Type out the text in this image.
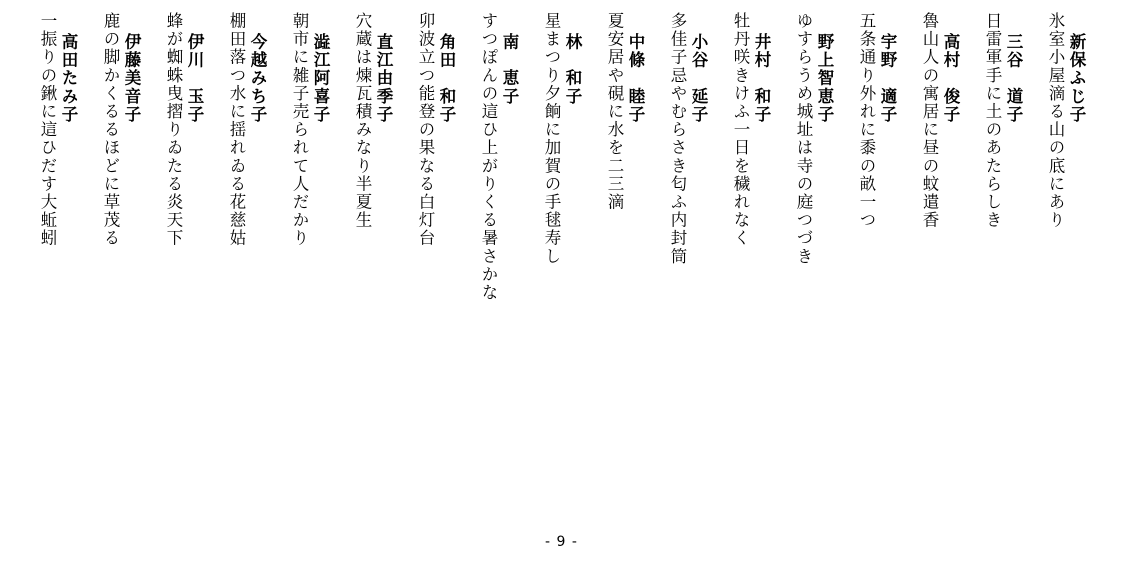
新保ふじ子
氷室小屋滴る山の底にあり
三谷　道子
日雷軍手に土のあたらしき
高村　俊子
魯山人の寓居に昼の蚊遣香
宇野　適子
五条通り外れに黍の畝一つ
野上智恵子
ゆすらうめ城址は寺の庭つづき
井村　和子
牡丹咲きけふ一日を穢れなく
小谷　延子
多佳子忌やむらさき匂ふ内封筒
中條　睦子
夏安居や硯に水を二三滴
林　和子
星まつり夕餉に加賀の手毬寿し
南　恵子
すつぽんの這ひ上がりくる暑さかな
角田　和子
卯波立つ能登の果なる白灯台
直江由季子
穴蔵は煉瓦積みなり半夏生
澁江阿喜子
朝市に雑子売られて人だかり
今越みち子
棚田落つ水に揺れゐる花慈姑
伊川　玉子
蜂が蜘蛛曳摺りゐたる炎天下
伊藤美音子
鹿の脚かくるるほどに草茂る
高田たみ子
一振りの鍬に這ひだす大蚯蚓
- 9 -
